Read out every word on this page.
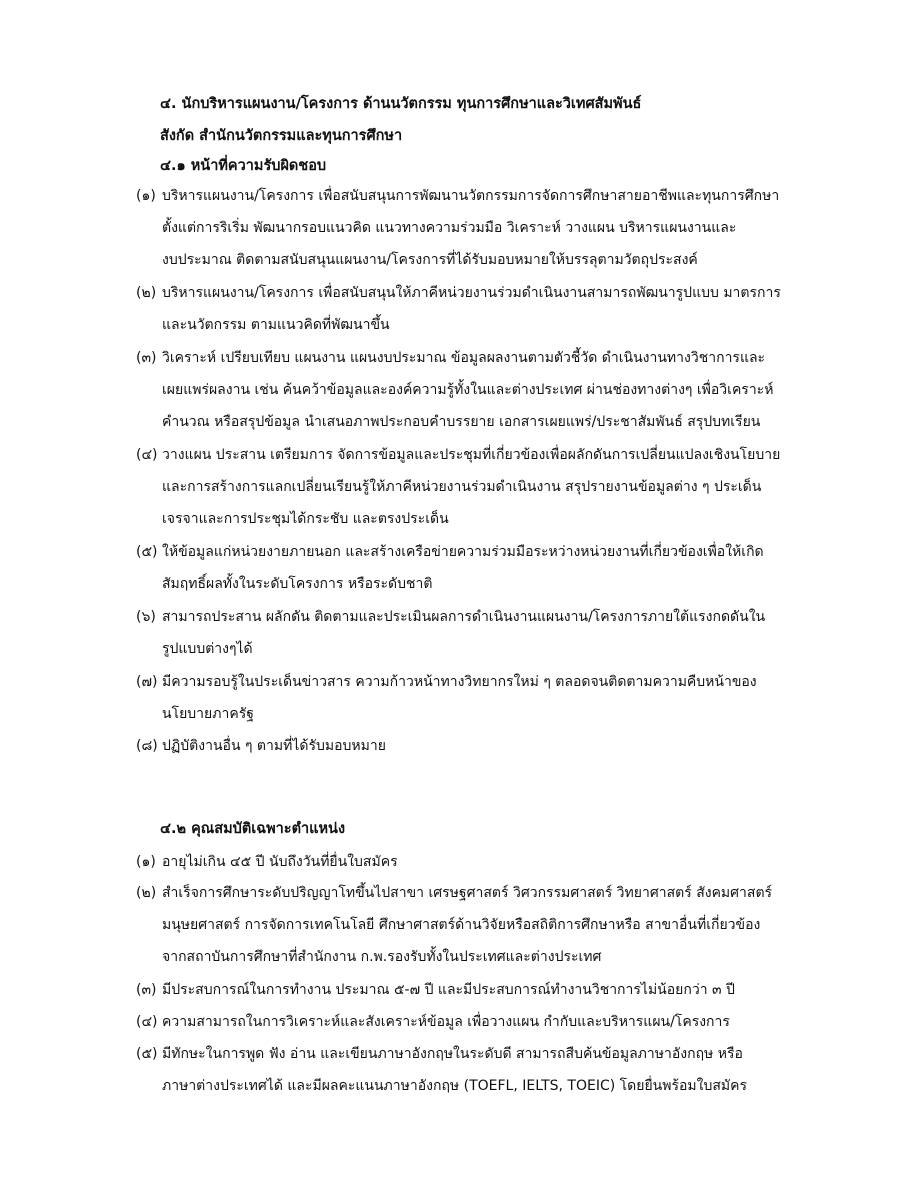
๔. นักบริหารแผนงาน/โครงการ ด้านนวัตกรรม ทุนการศึกษาและวิเทศสัมพันธ์
สังกัด สำนักนวัตกรรมและทุนการศึกษา
๔.๑ หน้าที่ความรับผิดชอบ
(๑) บริหารแผนงาน/โครงการ เพื่อสนับสนุนการพัฒนานวัตกรรมการจัดการศึกษาสายอาชีพและทุนการศึกษา
ตั้งแต่การริเริ่ม พัฒนากรอบแนวคิด แนวทางความร่วมมือ วิเคราะห์ วางแผน บริหารแผนงานและ
งบประมาณ ติดตามสนับสนุนแผนงาน/โครงการที่ได้รับมอบหมายให้บรรลุตามวัตถุประสงค์
(๒) บริหารแผนงาน/โครงการ เพื่อสนับสนุนให้ภาคีหน่วยงานร่วมดำเนินงานสามารถพัฒนารูปแบบ มาตรการ
และนวัตกรรม ตามแนวคิดที่พัฒนาขึ้น
(๓) วิเคราะห์ เปรียบเทียบ แผนงาน แผนงบประมาณ ข้อมูลผลงานตามตัวชี้วัด ดำเนินงานทางวิชาการและ
เผยแพร่ผลงาน เช่น ค้นคว้าข้อมูลและองค์ความรู้ทั้งในและต่างประเทศ ผ่านช่องทางต่างๆ เพื่อวิเคราะห์
คำนวณ หรือสรุปข้อมูล นำเสนอภาพประกอบคำบรรยาย เอกสารเผยแพร่/ประชาสัมพันธ์ สรุปบทเรียน
(๔) วางแผน ประสาน เตรียมการ จัดการข้อมูลและประชุมที่เกี่ยวข้องเพื่อผลักดันการเปลี่ยนแปลงเชิงนโยบาย
และการสร้างการแลกเปลี่ยนเรียนรู้ให้ภาคีหน่วยงานร่วมดำเนินงาน สรุปรายงานข้อมูลต่าง ๆ ประเด็น
เจรจาและการประชุมได้กระชับ และตรงประเด็น
(๕) ให้ข้อมูลแก่หน่วยงายภายนอก และสร้างเครือข่ายความร่วมมือระหว่างหน่วยงานที่เกี่ยวข้องเพื่อให้เกิด
สัมฤทธิ์ผลทั้งในระดับโครงการ หรือระดับชาติ
(๖) สามารถประสาน ผลักดัน ติดตามและประเมินผลการดำเนินงานแผนงาน/โครงการภายใต้แรงกดดันใน
รูปแบบต่างๆได้
(๗) มีความรอบรู้ในประเด็นข่าวสาร ความก้าวหน้าทางวิทยากรใหม่ ๆ ตลอดจนติดตามความคืบหน้าของ
นโยบายภาครัฐ
(๘) ปฏิบัติงานอื่น ๆ ตามที่ได้รับมอบหมาย
๔.๒ คุณสมบัติเฉพาะตำแหน่ง
(๑) อายุไม่เกิน ๔๕ ปี นับถึงวันที่ยื่นใบสมัคร
(๒) สำเร็จการศึกษาระดับปริญญาโทขึ้นไปสาขา เศรษฐศาสตร์ วิศวกรรมศาสตร์ วิทยาศาสตร์ สังคมศาสตร์
มนุษยศาสตร์ การจัดการเทคโนโลยี ศึกษาศาสตร์ด้านวิจัยหรือสถิติการศึกษาหรือ สาขาอื่นที่เกี่ยวข้อง
จากสถาบันการศึกษาที่สำนักงาน ก.พ.รองรับทั้งในประเทศและต่างประเทศ
(๓) มีประสบการณ์ในการทำงาน ประมาณ ๕-๗ ปี และมีประสบการณ์ทำงานวิชาการไม่น้อยกว่า ๓ ปี
(๔) ความสามารถในการวิเคราะห์และสังเคราะห์ข้อมูล เพื่อวางแผน กำกับและบริหารแผน/โครงการ
(๕) มีทักษะในการพูด ฟัง อ่าน และเขียนภาษาอังกฤษในระดับดี สามารถสืบค้นข้อมูลภาษาอังกฤษ หรือ
ภาษาต่างประเทศได้ และมีผลคะแนนภาษาอังกฤษ (TOEFL, IELTS, TOEIC) โดยยื่นพร้อมใบสมัคร
